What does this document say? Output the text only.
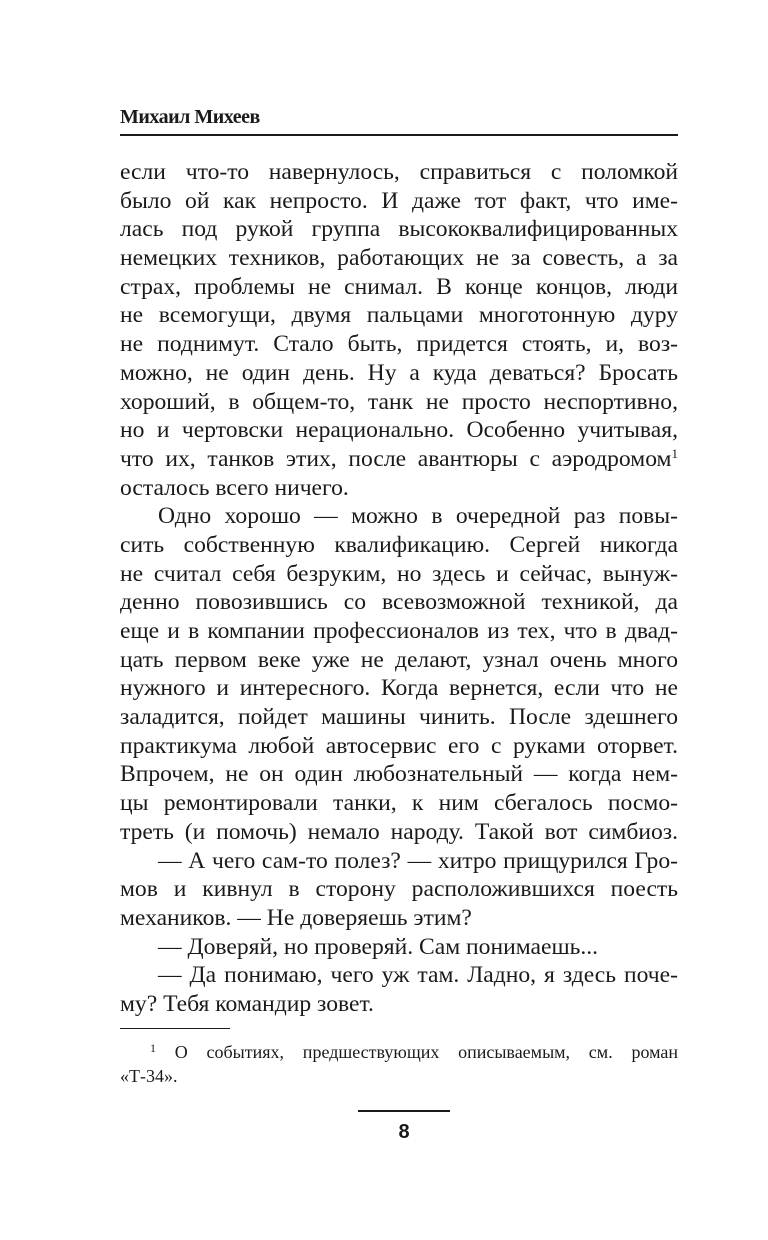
Михаил Михеев
если что-то навернулось, справиться с поломкой
было ой как непросто. И даже тот факт, что име-
лась под рукой группа высококвалифицированных
немецких техников, работающих не за совесть, а за
страх, проблемы не снимал. В конце концов, люди
не всемогущи, двумя пальцами многотонную дуру
не поднимут. Стало быть, придется стоять, и, воз-
можно, не один день. Ну а куда деваться? Бросать
хороший, в общем-то, танк не просто неспортивно,
но и чертовски нерационально. Особенно учитывая,
что их, танков этих, после авантюры с аэродромом$^1$
осталось всего ничего.
Одно хорошо — можно в очередной раз повы-
сить собственную квалификацию. Сергей никогда
не считал себя безруким, но здесь и сейчас, вынуж-
денно повозившись со всевозможной техникой, да
еще и в компании профессионалов из тех, что в двад-
цать первом веке уже не делают, узнал очень много
нужного и интересного. Когда вернется, если что не
заладится, пойдет машины чинить. После здешнего
практикума любой автосервис его с руками оторвет.
Впрочем, не он один любознательный — когда нем-
цы ремонтировали танки, к ним сбегалось посмо-
треть (и помочь) немало народу. Такой вот симбиоз.
— А чего сам-то полез? — хитро прищурился Гро-
мов и кивнул в сторону расположившихся поесть
механиков. — Не доверяешь этим?
— Доверяй, но проверяй. Сам понимаешь...
— Да понимаю, чего уж там. Ладно, я здесь поче-
му? Тебя командир зовет.
$^1$ О событиях, предшествующих описываемым, см. роман
«Т-34».
8
